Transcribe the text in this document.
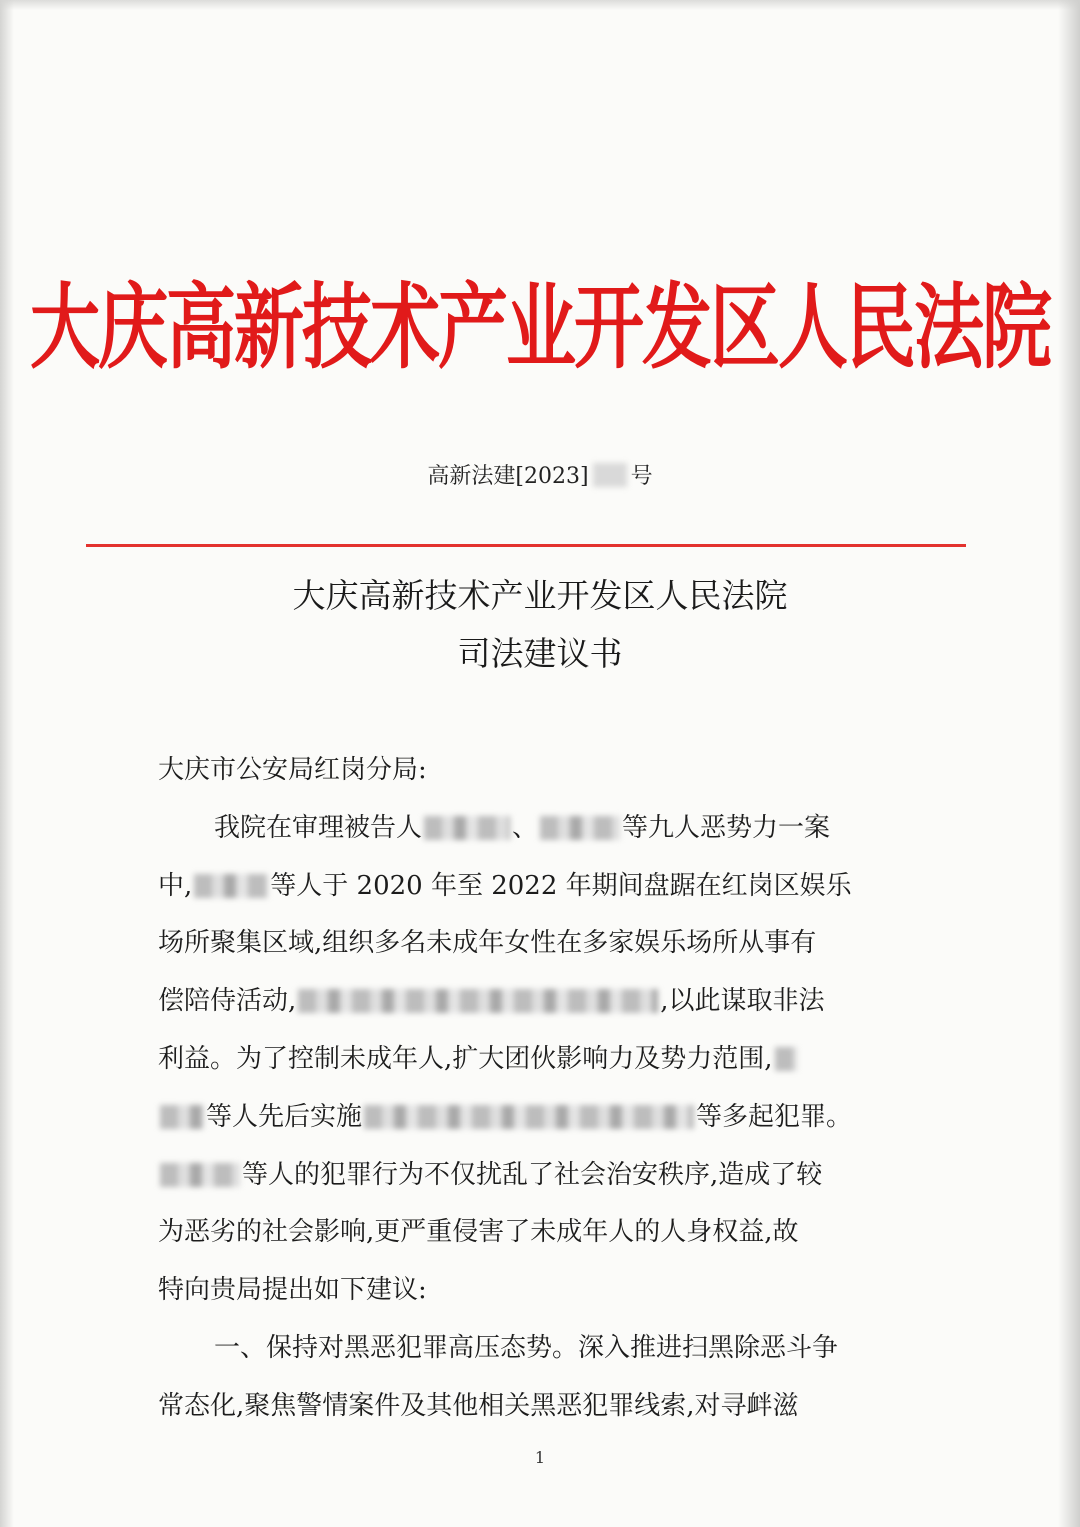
大庆高新技术产业开发区人民法院
高新法建[2023] 号
大庆高新技术产业开发区人民法院
司法建议书
大庆市公安局红岗分局:
我院在审理被告人	、	等九人恶势力一案
中,	等人于 2020 年至 2022 年期间盘踞在红岗区娱乐
场所聚集区域,组织多名未成年女性在多家娱乐场所从事有
偿陪侍活动,	,以此谋取非法
利益。为了控制未成年人,扩大团伙影响力及势力范围,
等人先后实施	等多起犯罪。
等人的犯罪行为不仅扰乱了社会治安秩序,造成了较
为恶劣的社会影响,更严重侵害了未成年人的人身权益,故
特向贵局提出如下建议:
一、保持对黑恶犯罪高压态势。深入推进扫黑除恶斗争
常态化,聚焦警情案件及其他相关黑恶犯罪线索,对寻衅滋
1
